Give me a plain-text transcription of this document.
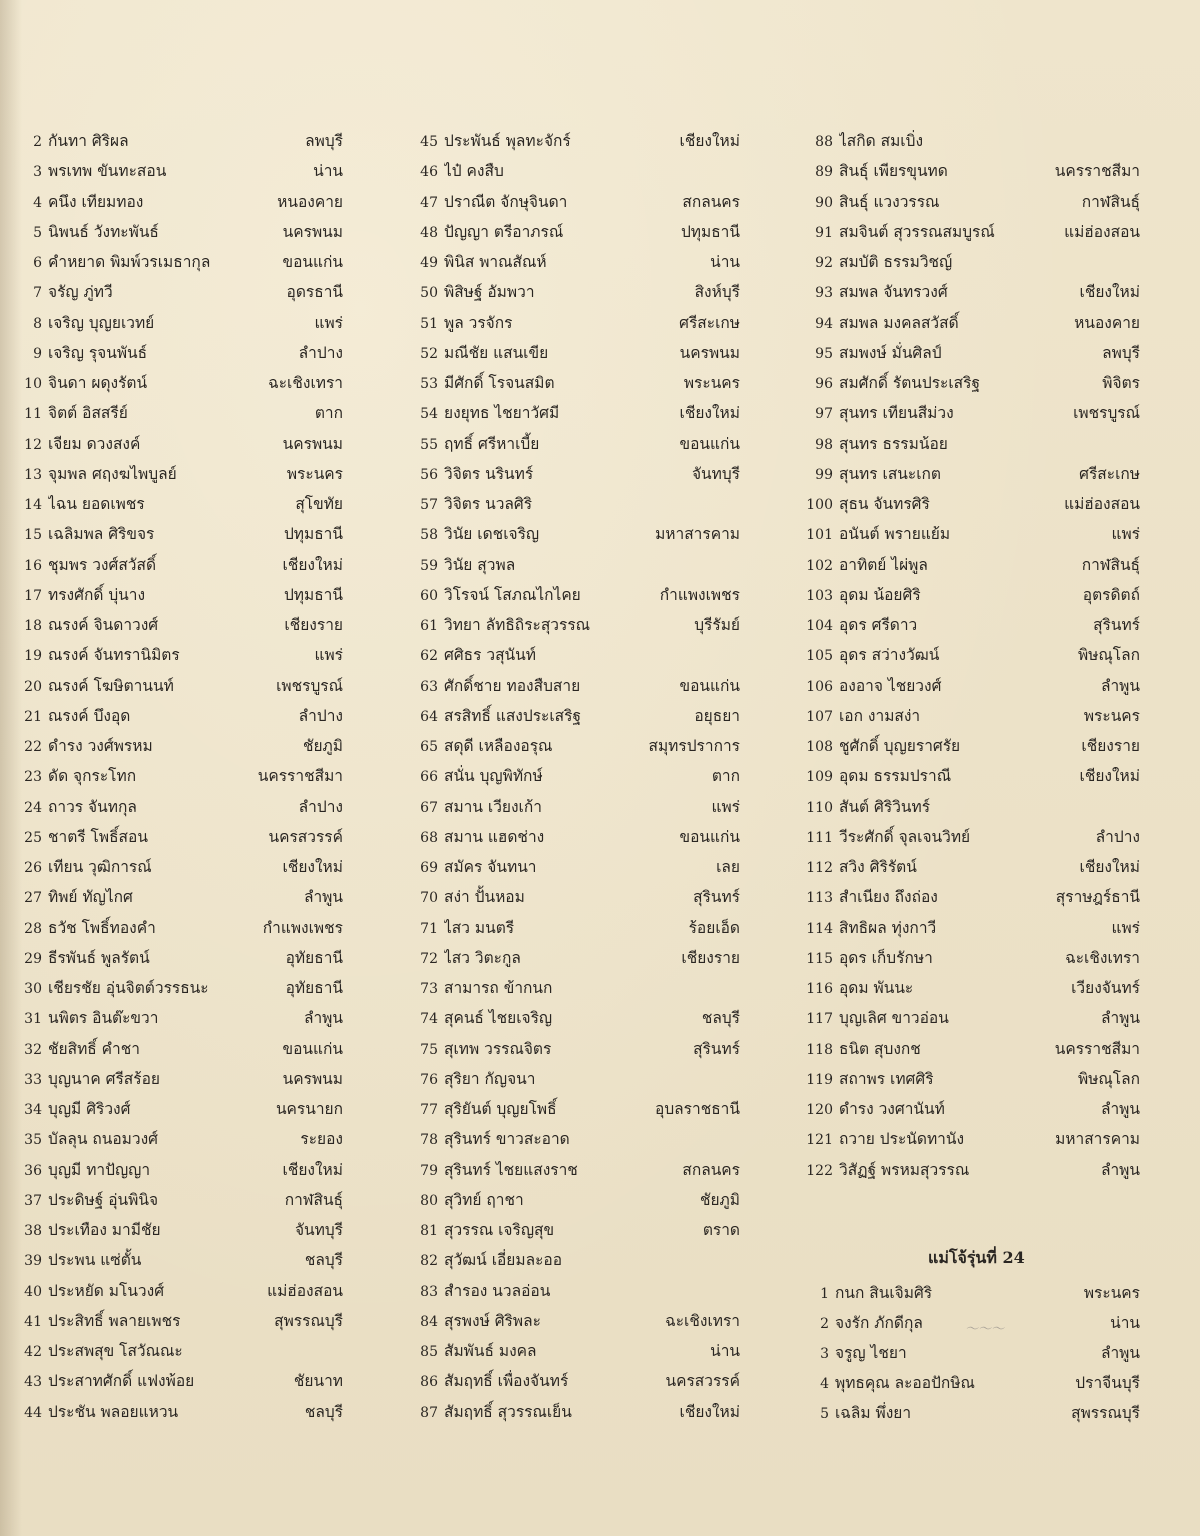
2 กันทา ศิริผล	ลพบุรี
3 พรเทพ ขันทะสอน	น่าน
4 คนึง เทียมทอง	หนองคาย
5 นิพนธ์ วังทะพันธ์	นครพนม
6 คำหยาด พิมพ์วรเมธากุล	ขอนแก่น
7 จรัญ ภู่ทวี	อุดรธานี
8 เจริญ บุญยเวทย์	แพร่
9 เจริญ รุจนพันธ์	ลำปาง
10 จินดา ผดุงรัตน์	ฉะเชิงเทรา
11 จิตต์ อิสสรีย์	ตาก
12 เจียม ดวงสงค์	นครพนม
13 จุมพล ศฤงฆไพบูลย์	พระนคร
14 ไฉน ยอดเพชร	สุโขทัย
15 เฉลิมพล ศิริขจร	ปทุมธานี
16 ชุมพร วงศ์สวัสดิ์	เชียงใหม่
17 ทรงศักดิ์ บุ่นาง	ปทุมธานี
18 ณรงค์ จินดาวงศ์	เชียงราย
19 ณรงค์ จันทรานิมิตร	แพร่
20 ณรงค์ โฆษิตานนท์	เพชรบูรณ์
21 ณรงค์ บึงอุด	ลำปาง
22 ดำรง วงศ์พรหม	ชัยภูมิ
23 ดัด จุกระโทก	นครราชสีมา
24 ถาวร จันทกุล	ลำปาง
25 ชาตรี โพธิ์สอน	นครสวรรค์
26 เทียน วุฒิการณ์	เชียงใหม่
27 ทิพย์ ทัญไกศ	ลำพูน
28 ธวัช โพธิ์ทองคำ	กำแพงเพชร
29 ธีรพันธ์ พูลรัตน์	อุทัยธานี
30 เชียรชัย อุ่นจิตต์วรรธนะ	อุทัยธานี
31 นพิตร อินต๊ะขวา	ลำพูน
32 ชัยสิทธิ์ คำชา	ขอนแก่น
33 บุญนาค ศรีสร้อย	นครพนม
34 บุญมี ศิริวงศ์	นครนายก
35 บัลลุน ถนอมวงศ์	ระยอง
36 บุญมี ทาปัญญา	เชียงใหม่
37 ประดิษฐ์ อุ่นพินิจ	กาฬสินธุ์
38 ประเทือง มามีชัย	จันทบุรี
39 ประพน แซ่ตั้น	ชลบุรี
40 ประหยัด มโนวงศ์	แม่ฮ่องสอน
41 ประสิทธิ์ พลายเพชร	สุพรรณบุรี
42 ประสพสุข โสวัณณะ
43 ประสาทศักดิ์ แฟงพ้อย	ชัยนาท
44 ประชัน พลอยแหวน	ชลบุรี
45 ประพันธ์ พุลทะจักร์	เชียงใหม่
46 ไป๋ คงสืบ
47 ปราณีต จักษุจินดา	สกลนคร
48 ปัญญา ตรีอาภรณ์	ปทุมธานี
49 พินิส พาณสัณห์	น่าน
50 พิสิษฐ์ อัมพวา	สิงห์บุรี
51 พูล วรจักร	ศรีสะเกษ
52 มณีชัย แสนเขีย	นครพนม
53 มีศักดิ์ โรจนสมิต	พระนคร
54 ยงยุทธ ไชยาวัศมี	เชียงใหม่
55 ฤทธิ์ ศรีหาเบี้ย	ขอนแก่น
56 วิจิตร นรินทร์	จันทบุรี
57 วิจิตร นวลศิริ
58 วินัย เดชเจริญ	มหาสารคาม
59 วินัย สุวพล
60 วิโรจน์ โสภณไกไคย	กำแพงเพชร
61 วิทยา ลัทธิถิระสุวรรณ	บุรีรัมย์
62 ศศิธร วสุนันท์
63 ศักดิ์ชาย ทองสืบสาย	ขอนแก่น
64 สรสิทธิ์ แสงประเสริฐ	อยุธยา
65 สดุดี เหลืองอรุณ	สมุทรปราการ
66 สนั่น บุญพิทักษ์	ตาก
67 สมาน เวียงเก้า	แพร่
68 สมาน แฮดช่าง	ขอนแก่น
69 สมัคร จันทนา	เลย
70 สง่า ปั้นหอม	สุรินทร์
71 ไสว มนตรี	ร้อยเอ็ด
72 ไสว วิตะกูล	เชียงราย
73 สามารถ ข้ากนก
74 สุคนธ์ ไชยเจริญ	ชลบุรี
75 สุเทพ วรรณจิตร	สุรินทร์
76 สุริยา กัญจนา
77 สุริยันต์ บุญยโพธิ์	อุบลราชธานี
78 สุรินทร์ ขาวสะอาด
79 สุรินทร์ ไชยแสงราช	สกลนคร
80 สุวิทย์ ฤาชา	ชัยภูมิ
81 สุวรรณ เจริญสุข	ตราด
82 สุวัฒน์ เอี่ยมละออ
83 สำรอง นวลอ่อน
84 สุรพงษ์ ศิริพละ	ฉะเชิงเทรา
85 สัมพันธ์ มงคล	น่าน
86 สัมฤทธิ์ เพื่องจันทร์	นครสวรรค์
87 สัมฤทธิ์ สุวรรณเย็น	เชียงใหม่
88 ไสกิด สมเบิ่ง
89 สินธุ์ เพียรขุนทด	นครราชสีมา
90 สินธุ์ แวงวรรณ	กาฬสินธุ์
91 สมจินต์ สุวรรณสมบูรณ์	แม่ฮ่องสอน
92 สมบัติ ธรรมวิชญ์
93 สมพล จันทรวงศ์	เชียงใหม่
94 สมพล มงคลสวัสดิ์	หนองคาย
95 สมพงษ์ มั่นศิลป์	ลพบุรี
96 สมศักดิ์ รัตนประเสริฐ	พิจิตร
97 สุนทร เทียนสีม่วง	เพชรบูรณ์
98 สุนทร ธรรมน้อย
99 สุนทร เสนะเกต	ศรีสะเกษ
100 สุธน จันทรศิริ	แม่ฮ่องสอน
101 อนันต์ พรายแย้ม	แพร่
102 อาทิตย์ ไผ่พูล	กาฬสินธุ์
103 อุดม น้อยศิริ	อุตรดิตถ์
104 อุดร ศรีดาว	สุรินทร์
105 อุดร สว่างวัฒน์	พิษณุโลก
106 องอาจ ไชยวงศ์	ลำพูน
107 เอก งามสง่า	พระนคร
108 ชูศักดิ์ บุญยราศรัย	เชียงราย
109 อุดม ธรรมปราณี	เชียงใหม่
110 สันต์ ศิริวินทร์
111 วีระศักดิ์ จุลเจนวิทย์	ลำปาง
112 สวิง ศิริรัตน์	เชียงใหม่
113 สำเนียง ถึงถ่อง	สุราษฎร์ธานี
114 สิทธิผล ทุ่งกาวี	แพร่
115 อุดร เก็บรักษา	ฉะเชิงเทรา
116 อุดม พันนะ	เวียงจันทร์
117 บุญเลิศ ขาวอ่อน	ลำพูน
118 ธนิต สุบงกช	นครราชสีมา
119 สถาพร เทศศิริ	พิษณุโลก
120 ดำรง วงศานันท์	ลำพูน
121 ถวาย ประนัดทานัง	มหาสารคาม
122 วิสัฏฐ์ พรหมสุวรรณ	ลำพูน
แม่โจ้รุ่นที่ 24
1 กนก สินเจิมศิริ	พระนคร
2 จงรัก ภักดีกุล	น่าน
3 จรูญ ไชยา	ลำพูน
4 พุทธคุณ ละออปักษิณ	ปราจีนบุรี
5 เฉลิม พึ่งยา	สุพรรณบุรี
～～～
